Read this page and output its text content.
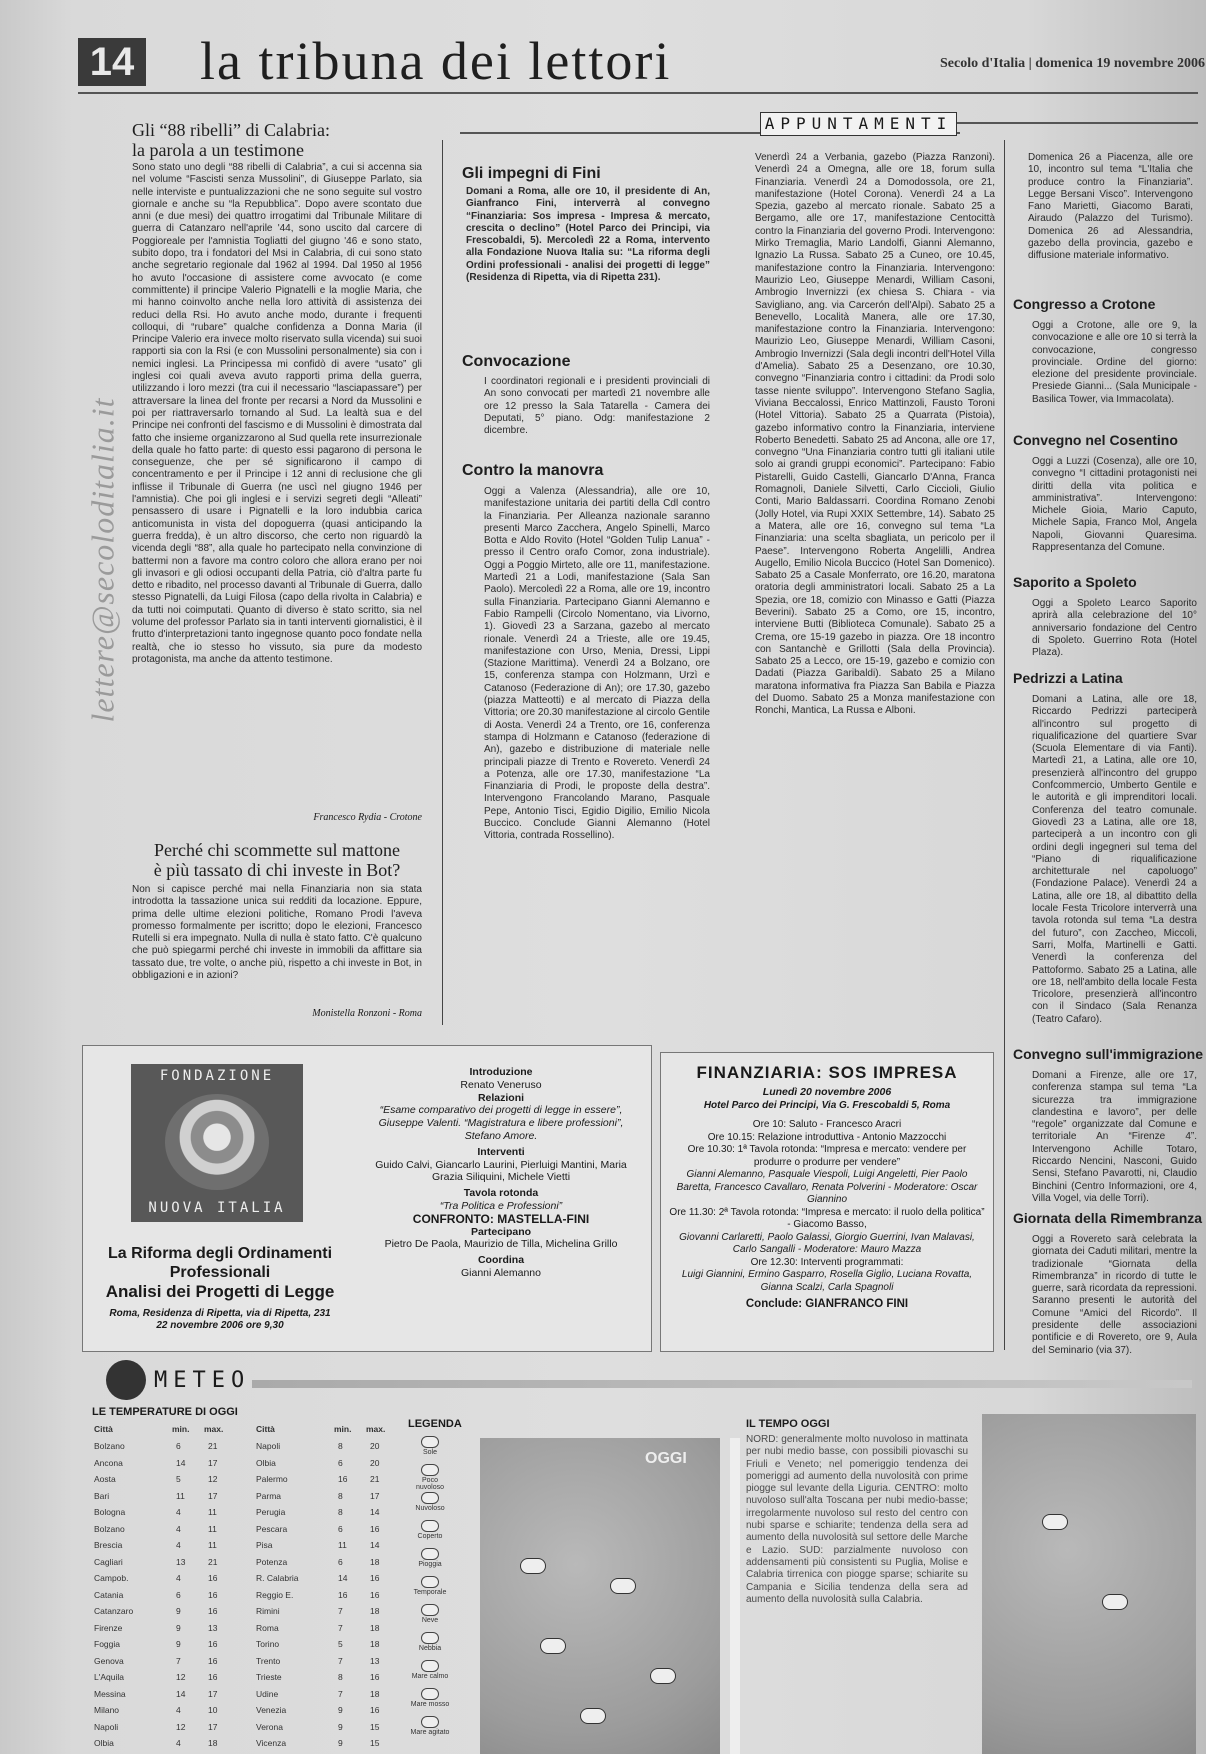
14 la tribuna dei lettori	Secolo d'Italia | domenica 19 novembre 2006
lettere@secoloditalia.it
Gli “88 ribelli” di Calabria:
la parola a un testimone
Sono stato uno degli “88 ribelli di Calabria”, a cui si accenna sia nel volume “Fascisti senza Mussolini”, di Giuseppe Parlato, sia nelle interviste e puntualizzazioni che ne sono seguite sul vostro giornale e anche su “la Repubblica”. Dopo avere scontato due anni (e due mesi) dei quattro irrogatimi dal Tribunale Militare di guerra di Catanzaro nell'aprile '44, sono uscito dal carcere di Poggioreale per l'amnistia Togliatti del giugno '46 e sono stato, subito dopo, tra i fondatori del Msi in Calabria, di cui sono stato anche segretario regionale dal 1962 al 1994. Dal 1950 al 1956 ho avuto l'occasione di assistere come avvocato (e come committente) il principe Valerio Pignatelli e la moglie Maria, che mi hanno coinvolto anche nella loro attività di assistenza dei reduci della Rsi. Ho avuto anche modo, durante i frequenti colloqui, di “rubare” qualche confidenza a Donna Maria (il Principe Valerio era invece molto riservato sulla vicenda) sui suoi rapporti sia con la Rsi (e con Mussolini personalmente) sia con i nemici inglesi. La Principessa mi confidò di avere “usato” gli inglesi coi quali aveva avuto rapporti prima della guerra, utilizzando i loro mezzi (tra cui il necessario “lasciapassare”) per attraversare la linea del fronte per recarsi a Nord da Mussolini e poi per riattraversarlo tornando al Sud. La lealtà sua e del Principe nei confronti del fascismo e di Mussolini è dimostrata dal fatto che insieme organizzarono al Sud quella rete insurrezionale della quale ho fatto parte: di questo essi pagarono di persona le conseguenze, che per sé significarono il campo di concentramento e per il Principe i 12 anni di reclusione che gli inflisse il Tribunale di Guerra (ne uscì nel giugno 1946 per l'amnistia). Che poi gli inglesi e i servizi segreti degli “Alleati” pensassero di usare i Pignatelli e la loro indubbia carica anticomunista in vista del dopoguerra (quasi anticipando la guerra fredda), è un altro discorso, che certo non riguardò la vicenda degli “88”, alla quale ho partecipato nella convinzione di battermi non a favore ma contro coloro che allora erano per noi gli invasori e gli odiosi occupanti della Patria, ciò d'altra parte fu detto e ribadito, nel processo davanti al Tribunale di Guerra, dallo stesso Pignatelli, da Luigi Filosa (capo della rivolta in Calabria) e da tutti noi coimputati. Quanto di diverso è stato scritto, sia nel volume del professor Parlato sia in tanti interventi giornalistici, è il frutto d'interpretazioni tanto ingegnose quanto poco fondate nella realtà, che io stesso ho vissuto, sia pure da modesto protagonista, ma anche da attento testimone.
Francesco Rydia - Crotone
Perché chi scommette sul mattone
è più tassato di chi investe in Bot?
Non si capisce perché mai nella Finanziaria non sia stata introdotta la tassazione unica sui redditi da locazione. Eppure, prima delle ultime elezioni politiche, Romano Prodi l'aveva promesso formalmente per iscritto; dopo le elezioni, Francesco Rutelli si era impegnato. Nulla di nulla è stato fatto. C'è qualcuno che può spiegarmi perché chi investe in immobili da affittare sia tassato due, tre volte, o anche più, rispetto a chi investe in Bot, in obbligazioni e in azioni?
Monistella Ronzoni - Roma
APPUNTAMENTI
Gli impegni di Fini
Domani a Roma, alle ore 10, il presidente di An, Gianfranco Fini, interverrà al convegno “Finanziaria: Sos impresa - Impresa & mercato, crescita o declino” (Hotel Parco dei Principi, via Frescobaldi, 5). Mercoledì 22 a Roma, intervento alla Fondazione Nuova Italia su: “La riforma degli Ordini professionali - analisi dei progetti di legge” (Residenza di Ripetta, via di Ripetta 231).
Convocazione
I coordinatori regionali e i presidenti provinciali di An sono convocati per martedì 21 novembre alle ore 12 presso la Sala Tatarella - Camera dei Deputati, 5° piano. Odg: manifestazione 2 dicembre.
Contro la manovra
Oggi a Valenza (Alessandria), alle ore 10, manifestazione unitaria dei partiti della Cdl contro la Finanziaria. Per Alleanza nazionale saranno presenti Marco Zacchera, Angelo Spinelli, Marco Botta e Aldo Rovito (Hotel “Golden Tulip Lanua” - presso il Centro orafo Comor, zona industriale). Oggi a Poggio Mirteto, alle ore 11, manifestazione. Martedì 21 a Lodi, manifestazione (Sala San Paolo). Mercoledì 22 a Roma, alle ore 19, incontro sulla Finanziaria. Partecipano Gianni Alemanno e Fabio Rampelli (Circolo Nomentano, via Livorno, 1). Giovedì 23 a Sarzana, gazebo al mercato rionale. Venerdì 24 a Trieste, alle ore 19.45, manifestazione con Urso, Menia, Dressi, Lippi (Stazione Marittima). Venerdì 24 a Bolzano, ore 15, conferenza stampa con Holzmann, Urzì e Catanoso (Federazione di An); ore 17.30, gazebo (piazza Matteotti) e al mercato di Piazza della Vittoria; ore 20.30 manifestazione al circolo Gentile di Aosta. Venerdì 24 a Trento, ore 16, conferenza stampa di Holzmann e Catanoso (federazione di An), gazebo e distribuzione di materiale nelle principali piazze di Trento e Rovereto. Venerdì 24 a Potenza, alle ore 17.30, manifestazione “La Finanziaria di Prodi, le proposte della destra”. Intervengono Francolando Marano, Pasquale Pepe, Antonio Tisci, Egidio Digilio, Emilio Nicola Buccico. Conclude Gianni Alemanno (Hotel Vittoria, contrada Rossellino).
Venerdì 24 a Verbania, gazebo (Piazza Ranzoni). Venerdì 24 a Omegna, alle ore 18, forum sulla Finanziaria. Venerdì 24 a Domodossola, ore 21, manifestazione (Hotel Corona). Venerdì 24 a La Spezia, gazebo al mercato rionale. Sabato 25 a Bergamo, alle ore 17, manifestazione Centocittà contro la Finanziaria del governo Prodi. Intervengono: Mirko Tremaglia, Mario Landolfi, Gianni Alemanno, Ignazio La Russa. Sabato 25 a Cuneo, ore 10.45, manifestazione contro la Finanziaria. Intervengono: Maurizio Leo, Giuseppe Menardi, William Casoni, Ambrogio Invernizzi (ex chiesa S. Chiara - via Savigliano, ang. via Carcerón dell'Alpi). Sabato 25 a Benevello, Località Manera, alle ore 17.30, manifestazione contro la Finanziaria. Intervengono: Maurizio Leo, Giuseppe Menardi, William Casoni, Ambrogio Invernizzi (Sala degli incontri dell'Hotel Villa d'Amelia). Sabato 25 a Desenzano, ore 10.30, convegno “Finanziaria contro i cittadini: da Prodi solo tasse niente sviluppo”. Intervengono Stefano Saglia, Viviana Beccalossi, Enrico Mattinzoli, Fausto Toroni (Hotel Vittoria). Sabato 25 a Quarrata (Pistoia), gazebo informativo contro la Finanziaria, interviene Roberto Benedetti. Sabato 25 ad Ancona, alle ore 17, convegno “Una Finanziaria contro tutti gli italiani utile solo ai grandi gruppi economici”. Partecipano: Fabio Pistarelli, Guido Castelli, Giancarlo D'Anna, Franca Romagnoli, Daniele Silvetti, Carlo Ciccioli, Giulio Conti, Mario Baldassarri. Coordina Romano Zenobi (Jolly Hotel, via Rupi XXIX Settembre, 14). Sabato 25 a Matera, alle ore 16, convegno sul tema “La Finanziaria: una scelta sbagliata, un pericolo per il Paese”. Intervengono Roberta Angelilli, Andrea Augello, Emilio Nicola Buccico (Hotel San Domenico). Sabato 25 a Casale Monferrato, ore 16.20, maratona oratoria degli amministratori locali. Sabato 25 a La Spezia, ore 18, comizio con Minasso e Gatti (Piazza Beverini). Sabato 25 a Como, ore 15, incontro, interviene Butti (Biblioteca Comunale). Sabato 25 a Crema, ore 15-19 gazebo in piazza. Ore 18 incontro con Santanchè e Grillotti (Sala della Provincia). Sabato 25 a Lecco, ore 15-19, gazebo e comizio con Dadati (Piazza Garibaldi). Sabato 25 a Milano maratona informativa fra Piazza San Babila e Piazza del Duomo. Sabato 25 a Monza manifestazione con Ronchi, Mantica, La Russa e Alboni.
Domenica 26 a Piacenza, alle ore 10, incontro sul tema “L'Italia che produce contro la Finanziaria”. Legge Bersani Visco”. Intervengono Fano Marietti, Giacomo Barati, Airaudo (Palazzo del Turismo). Domenica 26 ad Alessandria, gazebo della provincia, gazebo e diffusione materiale informativo.
Congresso a Crotone
Oggi a Crotone, alle ore 9, la convocazione e alle ore 10 si terrà la convocazione, congresso provinciale. Ordine del giorno: elezione del presidente provinciale. Presiede Gianni... (Sala Municipale - Basilica Tower, via Immacolata).
Convegno nel Cosentino
Oggi a Luzzi (Cosenza), alle ore 10, convegno “I cittadini protagonisti nei diritti della vita politica e amministrativa”. Intervengono: Michele Gioia, Mario Caputo, Michele Sapia, Franco Mol, Angela Napoli, Giovanni Quaresima. Rappresentanza del Comune.
Saporito a Spoleto
Oggi a Spoleto Learco Saporito aprirà alla celebrazione del 10° anniversario fondazione del Centro di Spoleto. Guerrino Rota (Hotel Plaza).
Pedrizzi a Latina
Domani a Latina, alle ore 18, Riccardo Pedrizzi parteciperà all'incontro sul progetto di riqualificazione del quartiere Svar (Scuola Elementare di via Fanti). Martedì 21, a Latina, alle ore 10, presenzierà all'incontro del gruppo Confcommercio, Umberto Gentile e le autorità e gli imprenditori locali. Conferenza del teatro comunale. Giovedì 23 a Latina, alle ore 18, parteciperà a un incontro con gli ordini degli ingegneri sul tema del “Piano di riqualificazione architetturale nel capoluogo” (Fondazione Palace). Venerdì 24 a Latina, alle ore 18, al dibattito della locale Festa Tricolore interverrà una tavola rotonda sul tema “La destra del futuro”, con Zaccheo, Miccoli, Sarri, Molfa, Martinelli e Gatti. Venerdì la conferenza del Pattoformo. Sabato 25 a Latina, alle ore 18, nell'ambito della locale Festa Tricolore, presenzierà all'incontro con il Sindaco (Sala Renanza (Teatro Cafaro).
Convegno sull'immigrazione
Domani a Firenze, alle ore 17, conferenza stampa sul tema “La sicurezza tra immigrazione clandestina e lavoro”, per delle “regole” organizzate dal Comune e territoriale An “Firenze 4”. Intervengono Achille Totaro, Riccardo Nencini, Nasconi, Guido Sensi, Stefano Pavarotti, ni, Claudio Binchini (Centro Informazioni, ore 4, Villa Vogel, via delle Torri).
Giornata della Rimembranza
Oggi a Rovereto sarà celebrata la giornata dei Caduti militari, mentre la tradizionale “Giornata della Rimembranza” in ricordo di tutte le guerre, sarà ricordata da repressioni. Saranno presenti le autorità del Comune “Amici del Ricordo”. Il presidente delle associazioni pontificie e di Rovereto, ore 9, Aula del Seminario (via 37).
FONDAZIONE
NUOVA ITALIA
La Riforma degli Ordinamenti
Professionali
Analisi dei Progetti di Legge
Roma, Residenza di Ripetta, via di Ripetta, 231
22 novembre 2006 ore 9,30
Introduzione
Renato Veneruso
Relazioni
“Esame comparativo dei progetti di legge in essere”, Giuseppe Valenti. “Magistratura e libere professioni”, Stefano Amore.
Interventi
Guido Calvi, Giancarlo Laurini, Pierluigi Mantini, Maria Grazia Siliquini, Michele Vietti
Tavola rotonda
“Tra Politica e Professioni”
CONFRONTO: MASTELLA-FINI
Partecipano
Pietro De Paola, Maurizio de Tilla, Michelina Grillo
Coordina
Gianni Alemanno
FINANZIARIA: SOS IMPRESA
Lunedì 20 novembre 2006
Hotel Parco dei Principi, Via G. Frescobaldi 5, Roma
Ore 10: Saluto - Francesco Aracri
Ore 10.15: Relazione introduttiva - Antonio Mazzocchi
Ore 10.30: 1ª Tavola rotonda: “Impresa e mercato: vendere per produrre o produrre per vendere”
Gianni Alemanno, Pasquale Viespoli, Luigi Angeletti, Pier Paolo Baretta, Francesco Cavallaro, Renata Polverini - Moderatore: Oscar Giannino
Ore 11.30: 2ª Tavola rotonda: “Impresa e mercato: il ruolo della politica” - Giacomo Basso,
Giovanni Carlaretti, Paolo Galassi, Giorgio Guerrini, Ivan Malavasi, Carlo Sangalli - Moderatore: Mauro Mazza
Ore 12.30: Interventi programmati:
Luigi Giannini, Ermino Gasparro, Rosella Giglio, Luciana Rovatta, Gianna Scalzi, Carla Spagnoli
Conclude: GIANFRANCO FINI
METEO
LE TEMPERATURE DI OGGI
Città	min. max.
Bolzano	6	21
Ancona	14	17
Aosta	5	12
Bari	11	17
Bologna	4	11
Bolzano	4	11
Brescia	4	11
Cagliari	13	21
Campob.	4	16
Catania	6	16
Catanzaro	9	16
Firenze	9	13
Foggia	9	16
Genova	7	16
L'Aquila	12	16
Messina	14	17
Milano	4	10
Napoli	12	17
Olbia	4	18
Città	min. max.
Napoli	8	20
Olbia	6	20
Palermo	16	21
Parma	8	17
Perugia	8	14
Pescara	6	16
Pisa	11	14
Potenza	6	18
R. Calabria	14	16
Reggio E.	16	16
Rimini	7	18
Roma	7	18
Torino	5	18
Trento	7	13
Trieste	8	16
Udine	7	18
Venezia	9	16
Verona	9	15
Vicenza	9	15
LEGENDA
Sole
Poco nuvoloso
Nuvoloso
Coperto
Pioggia
Temporale
Neve
Nebbia
Mare calmo
Mare mosso
Mare agitato
OGGI
IL TEMPO OGGI
NORD: generalmente molto nuvoloso in mattinata per nubi medio basse, con possibili piovaschi su Friuli e Veneto; nel pomeriggio tendenza dei pomeriggi ad aumento della nuvolosità con prime piogge sul levante della Liguria. CENTRO: molto nuvoloso sull'alta Toscana per nubi medio-basse; irregolarmente nuvoloso sul resto del centro con nubi sparse e schiarite; tendenza della sera ad aumento della nuvolosità sul settore delle Marche e Lazio. SUD: parzialmente nuvoloso con addensamenti più consistenti su Puglia, Molise e Calabria tirrenica con piogge sparse; schiarite su Campania e Sicilia tendenza della sera ad aumento della nuvolosità sulla Calabria.
